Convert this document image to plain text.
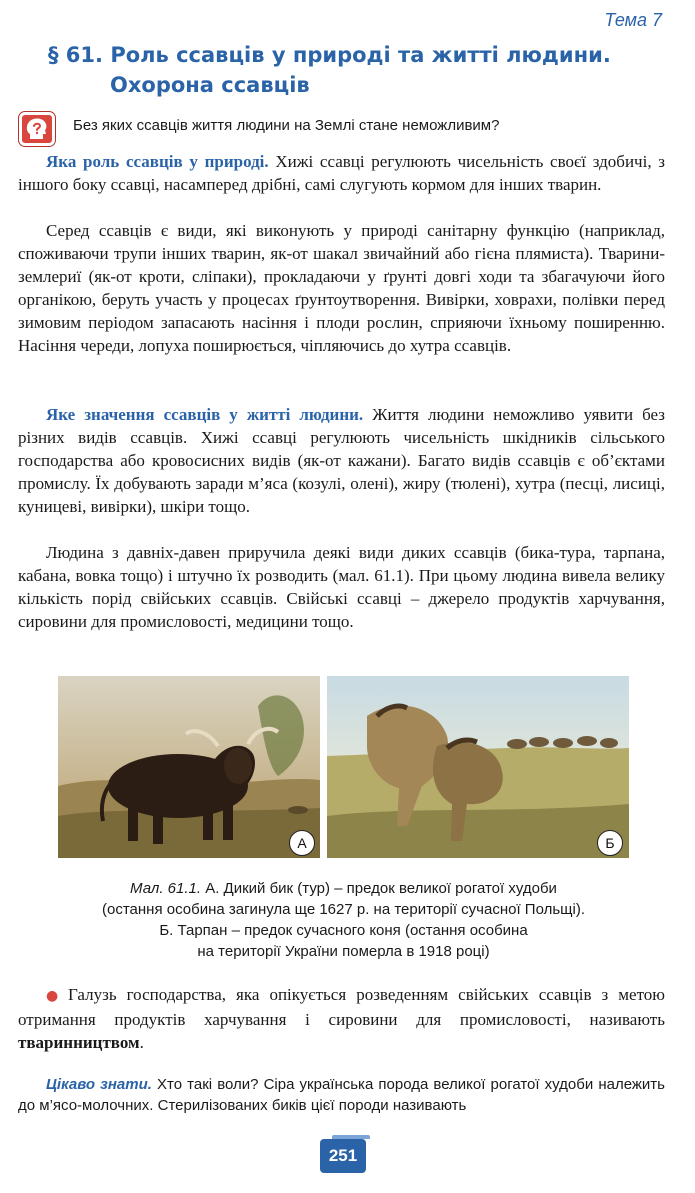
Тема 7
§ 61. Роль ссавців у природі та житті людини.
Охорона ссавців
Без яких ссавців життя людини на Землі стане неможливим?

Яка роль ссавців у природі. Хижі ссавці регулюють чисельність своєї здобичі, з іншого боку ссавці, насамперед дрібні, самі слугують кормом для інших тварин.

Серед ссавців є види, які виконують у природі санітарну функцію (наприклад, споживаючи трупи інших тварин, як-от шакал звичайний або гієна плямиста). Тварини-землериї (як-от кроти, сліпаки), прокладаючи у ґрунті довгі ходи та збагачуючи його органікою, беруть участь у процесах ґрунтоутворення. Вивірки, ховрахи, полівки перед зимовим періодом запасають насіння і плоди рослин, сприяючи їхньому поширенню. Насіння череди, лопуха поширюється, чіпляючись до хутра ссавців.

Яке значення ссавців у житті людини. Життя людини неможливо уявити без різних видів ссавців. Хижі ссавці регулюють чисельність шкідників сільського господарства або кровосисних видів (як-от кажани). Багато видів ссавців є об’єктами промислу. Їх добувають заради м’яса (козулі, олені), жиру (тюлені), хутра (песці, лисиці, куницеві, вивірки), шкіри тощо.

Людина з давніх-давен приручила деякі види диких ссавців (бика-тура, тарпана, кабана, вовка тощо) і штучно їх розводить (мал. 61.1). При цьому людина вивела велику кількість порід свійських ссавців. Свійські ссавці – джерело продуктів харчування, сировини для промисловості, медицини тощо.

А	Б
Мал. 61.1. А. Дикий бик (тур) – предок великої рогатої худоби
(остання особина загинула ще 1627 р. на території сучасної Польщі).
Б. Тарпан – предок сучасного коня (остання особина
на території України померла в 1918 році)

● Галузь господарства, яка опікується розведенням свійських ссавців з метою отримання продуктів харчування і сировини для промисловості, називають тваринництвом.

Цікаво знати. Хто такі воли? Сіра українська порода великої рогатої худоби належить до м’ясо-молочних. Стерилізованих биків цієї породи називають

251
